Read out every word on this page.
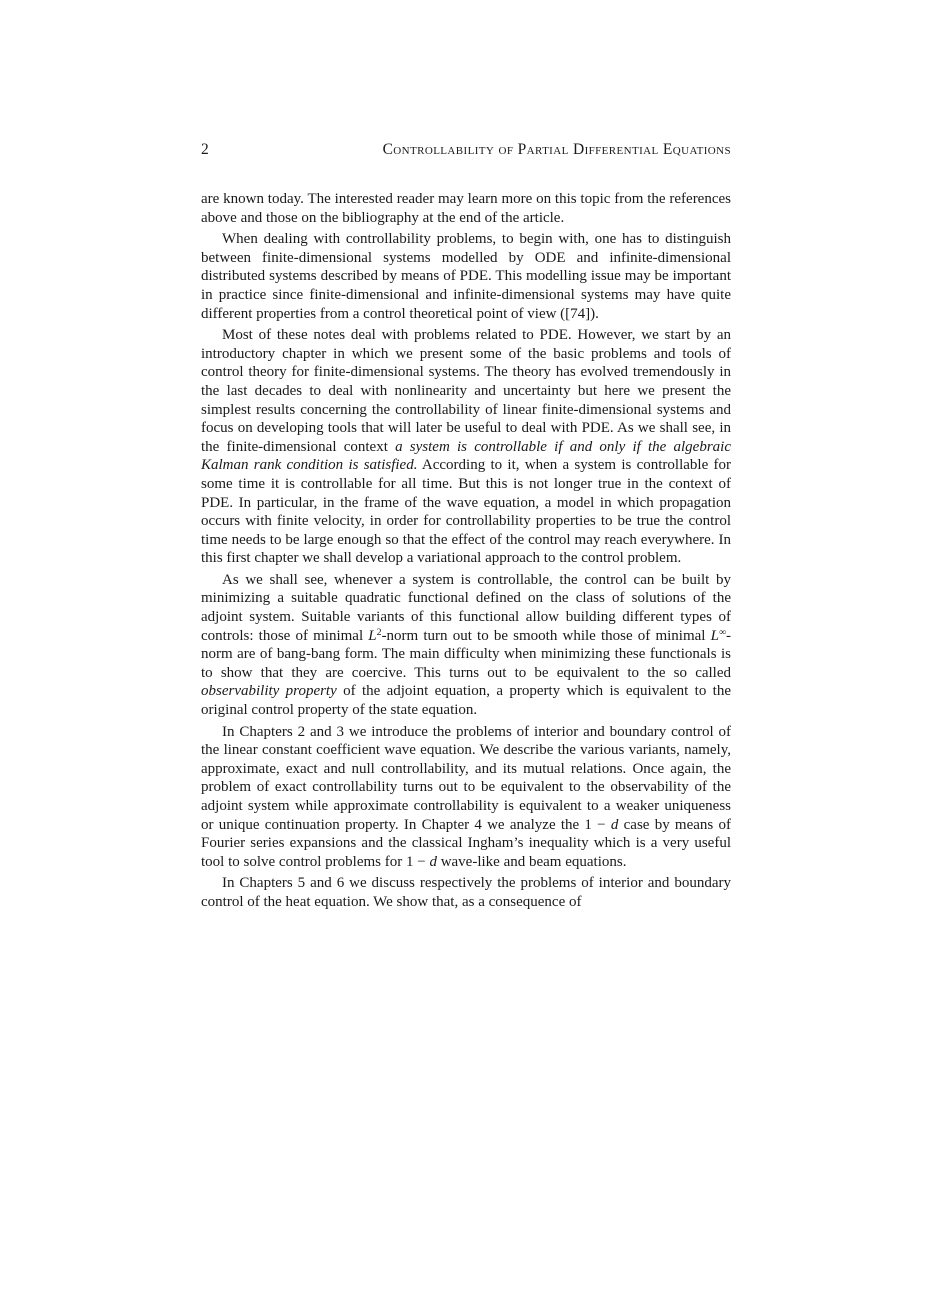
2	Controllability of Partial Differential Equations

are known today. The interested reader may learn more on this topic from the references above and those on the bibliography at the end of the article.

When dealing with controllability problems, to begin with, one has to distinguish between finite-dimensional systems modelled by ODE and infinite-dimensional distributed systems described by means of PDE. This modelling issue may be important in practice since finite-dimensional and infinite-dimensional systems may have quite different properties from a control theoretical point of view ([74]).

Most of these notes deal with problems related to PDE. However, we start by an introductory chapter in which we present some of the basic problems and tools of control theory for finite-dimensional systems. The theory has evolved tremendously in the last decades to deal with nonlinearity and uncertainty but here we present the simplest results concerning the controllability of linear finite-dimensional systems and focus on developing tools that will later be useful to deal with PDE. As we shall see, in the finite-dimensional context a system is controllable if and only if the algebraic Kalman rank condition is satisfied. According to it, when a system is controllable for some time it is controllable for all time. But this is not longer true in the context of PDE. In particular, in the frame of the wave equation, a model in which propagation occurs with finite velocity, in order for controllability properties to be true the control time needs to be large enough so that the effect of the control may reach everywhere. In this first chapter we shall develop a variational approach to the control problem.

As we shall see, whenever a system is controllable, the control can be built by minimizing a suitable quadratic functional defined on the class of solutions of the adjoint system. Suitable variants of this functional allow building different types of controls: those of minimal $L^2$-norm turn out to be smooth while those of minimal L∞-norm are of bang-bang form. The main difficulty when minimizing these functionals is to show that they are coercive. This turns out to be equivalent to the so called observability property of the adjoint equation, a property which is equivalent to the original control property of the state equation.

In Chapters 2 and 3 we introduce the problems of interior and boundary control of the linear constant coefficient wave equation. We describe the various variants, namely, approximate, exact and null controllability, and its mutual relations. Once again, the problem of exact controllability turns out to be equivalent to the observability of the adjoint system while approximate controllability is equivalent to a weaker uniqueness or unique continuation property. In Chapter 4 we analyze the 1 − d case by means of Fourier series expansions and the classical Ingham’s inequality which is a very useful tool to solve control problems for 1 − d wave-like and beam equations.

In Chapters 5 and 6 we discuss respectively the problems of interior and boundary control of the heat equation. We show that, as a consequence of
